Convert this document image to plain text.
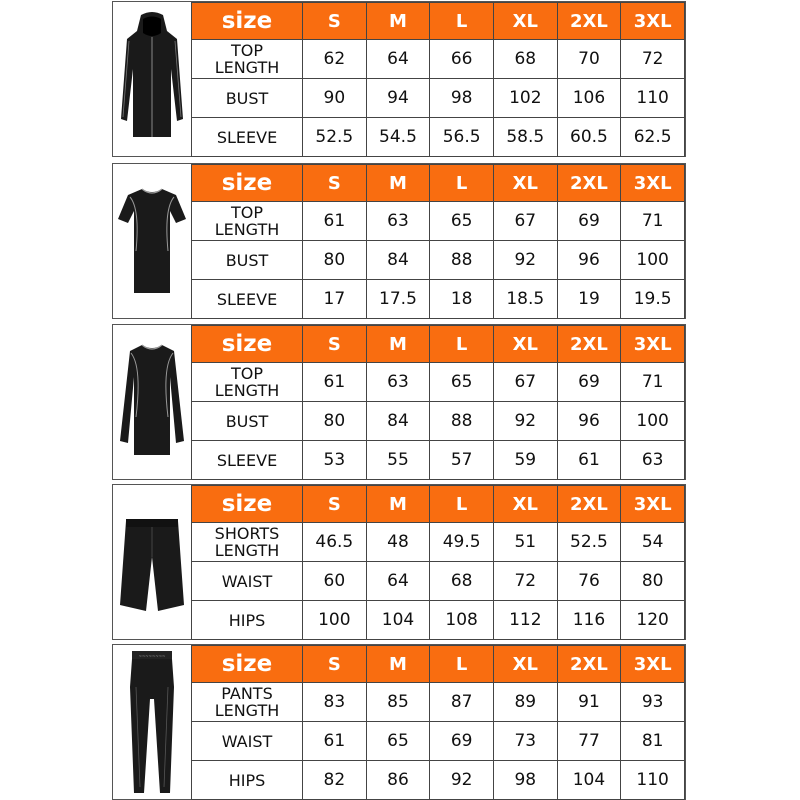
size	S	M	L	XL	2XL	3XL
TOP
LENGTH	62	64	66	68	70	72
BUST	90	94	98	102	106	110
SLEEVE	52.5	54.5	56.5	58.5	60.5	62.5
size	S	M	L	XL	2XL	3XL
TOP
LENGTH	61	63	65	67	69	71
BUST	80	84	88	92	96	100
SLEEVE	17	17.5	18	18.5	19	19.5
size	S	M	L	XL	2XL	3XL
TOP
LENGTH	61	63	65	67	69	71
BUST	80	84	88	92	96	100
SLEEVE	53	55	57	59	61	63
size	S	M	L	XL	2XL	3XL
SHORTS
LENGTH	46.5	48	49.5	51	52.5	54
WAIST	60	64	68	72	76	80
HIPS	100	104	108	112	116	120
~~~~~~~~ size	S	M	L	XL	2XL	3XL
PANTS
LENGTH	83	85	87	89	91	93
WAIST	61	65	69	73	77	81
HIPS	82	86	92	98	104	110
